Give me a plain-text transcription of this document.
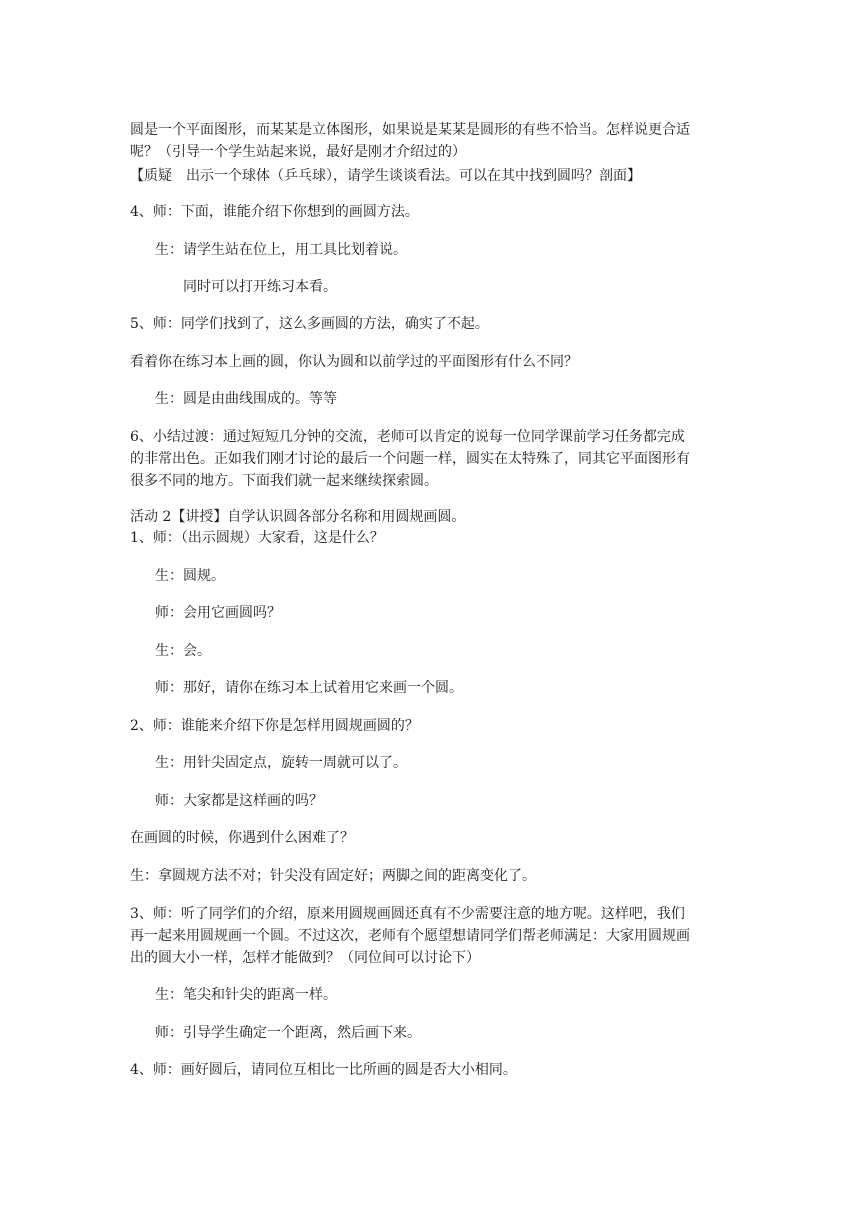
圆是一个平面图形，而某某是立体图形，如果说是某某是圆形的有些不恰当。怎样说更合适
呢？（引导一个学生站起来说，最好是刚才介绍过的）
【质疑　出示一个球体（乒乓球），请学生谈谈看法。可以在其中找到圆吗？剖面】
4、师：下面，谁能介绍下你想到的画圆方法。
生：请学生站在位上，用工具比划着说。
同时可以打开练习本看。
5、师：同学们找到了，这么多画圆的方法，确实了不起。
看着你在练习本上画的圆，你认为圆和以前学过的平面图形有什么不同？
生：圆是由曲线围成的。等等
6、小结过渡：通过短短几分钟的交流，老师可以肯定的说每一位同学课前学习任务都完成
的非常出色。正如我们刚才讨论的最后一个问题一样，圆实在太特殊了，同其它平面图形有
很多不同的地方。下面我们就一起来继续探索圆。
活动 2【讲授】自学认识圆各部分名称和用圆规画圆。
1、师：（出示圆规）大家看，这是什么？
生：圆规。
师：会用它画圆吗？
生：会。
师：那好，请你在练习本上试着用它来画一个圆。
2、师：谁能来介绍下你是怎样用圆规画圆的？
生：用针尖固定点，旋转一周就可以了。
师：大家都是这样画的吗？
在画圆的时候，你遇到什么困难了？
生：拿圆规方法不对；针尖没有固定好；两脚之间的距离变化了。
3、师：听了同学们的介绍，原来用圆规画圆还真有不少需要注意的地方呢。这样吧，我们
再一起来用圆规画一个圆。不过这次，老师有个愿望想请同学们帮老师满足：大家用圆规画
出的圆大小一样，怎样才能做到？（同位间可以讨论下）
生：笔尖和针尖的距离一样。
师：引导学生确定一个距离，然后画下来。
4、师：画好圆后，请同位互相比一比所画的圆是否大小相同。
